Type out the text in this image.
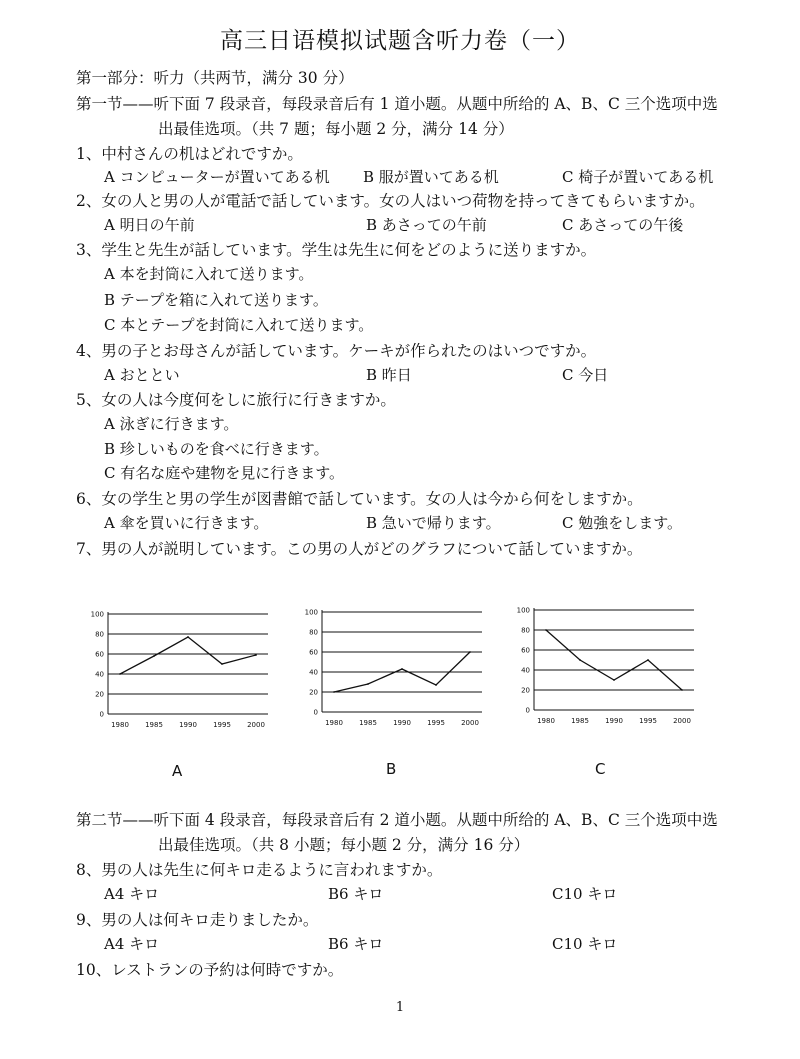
高三日语模拟试题含听力卷（一）
第一部分：听力（共两节，满分 30 分）
第一节——听下面 7 段录音，每段录音后有 1 道小题。从题中所给的 A、B、C 三个选项中选
出最佳选项。（共 7 题；每小题 2 分，满分 14 分）
1、中村さんの机はどれですか。
A コンピューターが置いてある机 B 服が置いてある机	C 椅子が置いてある机
2、女の人と男の人が電話で話しています。女の人はいつ荷物を持ってきてもらいますか。
A 明日の午前	B あさっての午前	C あさっての午後
3、学生と先生が話しています。学生は先生に何をどのように送りますか。
A 本を封筒に入れて送ります。
B テープを箱に入れて送ります。
C 本とテープを封筒に入れて送ります。
4、男の子とお母さんが話しています。ケーキが作られたのはいつですか。
A おととい	B 昨日	C 今日
5、女の人は今度何をしに旅行に行きますか。
A 泳ぎに行きます。
B 珍しいものを食べに行きます。
C 有名な庭や建物を見に行きます。
6、女の学生と男の学生が図書館で話しています。女の人は今から何をしますか。
A 傘を買いに行きます。	B 急いで帰ります。	C 勉強をします。
7、男の人が説明しています。この男の人がどのグラフについて話していますか。
0
20
40
60
80
100
1980 1985 1990 1995 2000
0
20
40
60
80
100
1980 1985 1990 1995 2000
0
20
40
60
80
100
1980 1985 1990 1995 2000
A	B	C
第二节——听下面 4 段录音，每段录音后有 2 道小题。从题中所给的 A、B、C 三个选项中选
出最佳选项。（共 8 小题；每小题 2 分，满分 16 分）
8、男の人は先生に何キロ走るように言われますか。
A4 キロ	B6 キロ	C10 キロ
9、男の人は何キロ走りましたか。
A4 キロ	B6 キロ	C10 キロ
10、レストランの予約は何時ですか。
1
